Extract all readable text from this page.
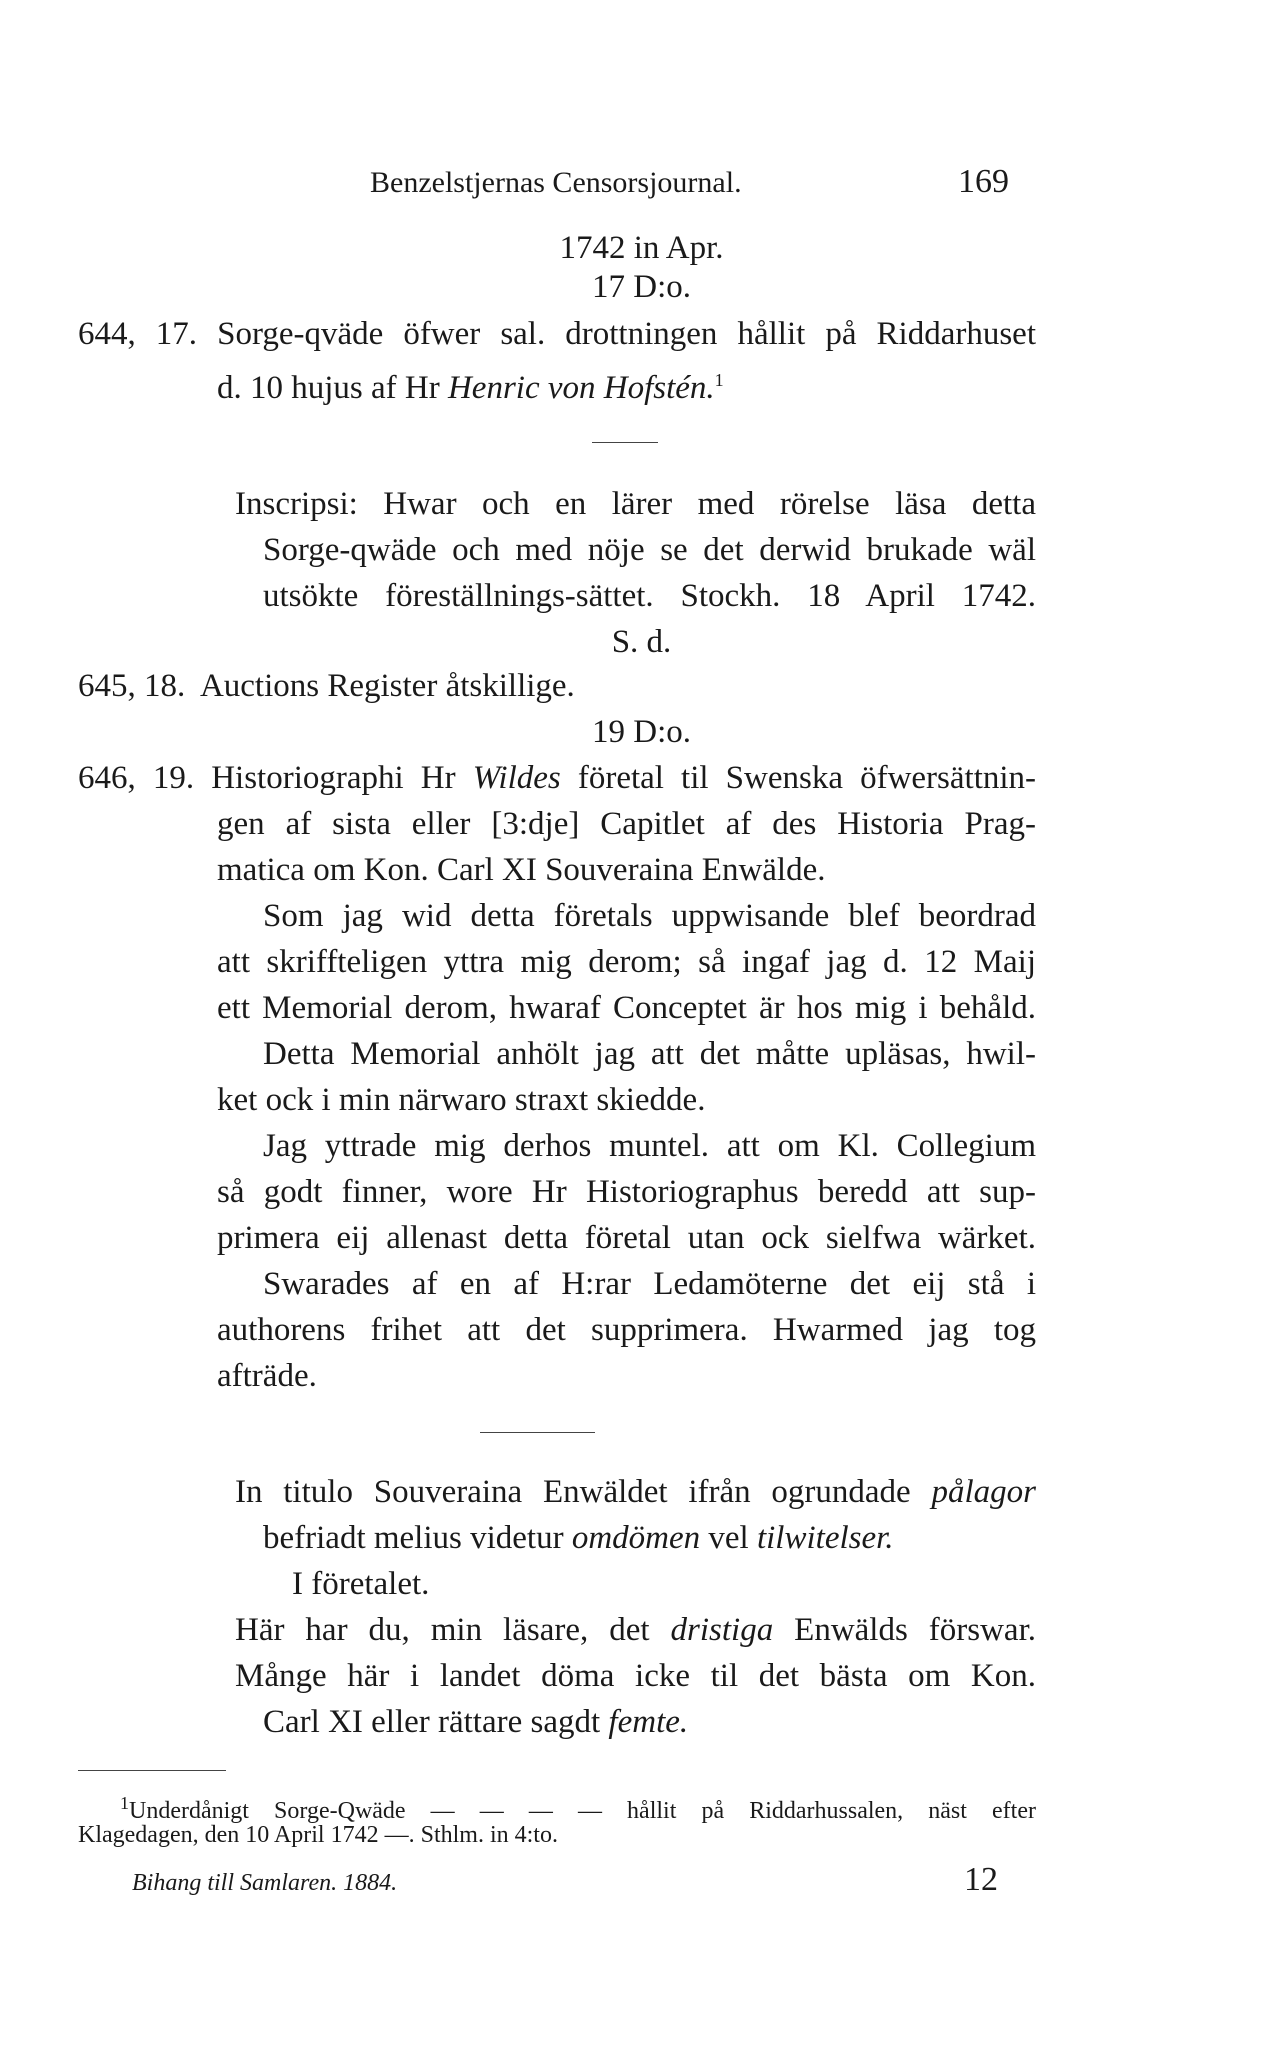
Benzelstjernas Censorsjournal.	169
1742 in Apr.
17 D:o.
644, 17. Sorge-qväde öfwer sal. drottningen hållit på Riddarhuset
d. 10 hujus af Hr Henric von Hofstén.$^1$
Inscripsi: Hwar och en lärer med rörelse läsa detta
Sorge-qwäde och med nöje se det derwid brukade wäl
utsökte föreställnings-sättet. Stockh. 18 April 1742.
S. d.
645, 18. Auctions Register åtskillige.
19 D:o.
646, 19. Historiographi Hr Wildes företal til Swenska öfwersättnin-
gen af sista eller [3:dje] Capitlet af des Historia Prag-
matica om Kon. Carl XI Souveraina Enwälde.
Som jag wid detta företals uppwisande blef beordrad
att skriffteligen yttra mig derom; så ingaf jag d. 12 Maij
ett Memorial derom, hwaraf Conceptet är hos mig i behåld.
Detta Memorial anhölt jag att det måtte upläsas, hwil-
ket ock i min närwaro straxt skiedde.
Jag yttrade mig derhos muntel. att om Kl. Collegium
så godt finner, wore Hr Historiographus beredd att sup-
primera eij allenast detta företal utan ock sielfwa wärket.
Swarades af en af H:rar Ledamöterne det eij stå i
authorens frihet att det supprimera. Hwarmed jag tog
afträde.
In titulo Souveraina Enwäldet ifrån ogrundade pålagor
befriadt melius videtur omdömen vel tilwitelser.
I företalet.
Här har du, min läsare, det dristiga Enwälds förswar.
Månge här i landet döma icke til det bästa om Kon.
Carl XI eller rättare sagdt femte.
$^1$Underdånigt Sorge-Qwäde — — — — hållit på Riddarhussalen, näst efter
Klagedagen, den 10 April 1742 —. Sthlm. in 4:to.
Bihang till Samlaren. 1884.	12
